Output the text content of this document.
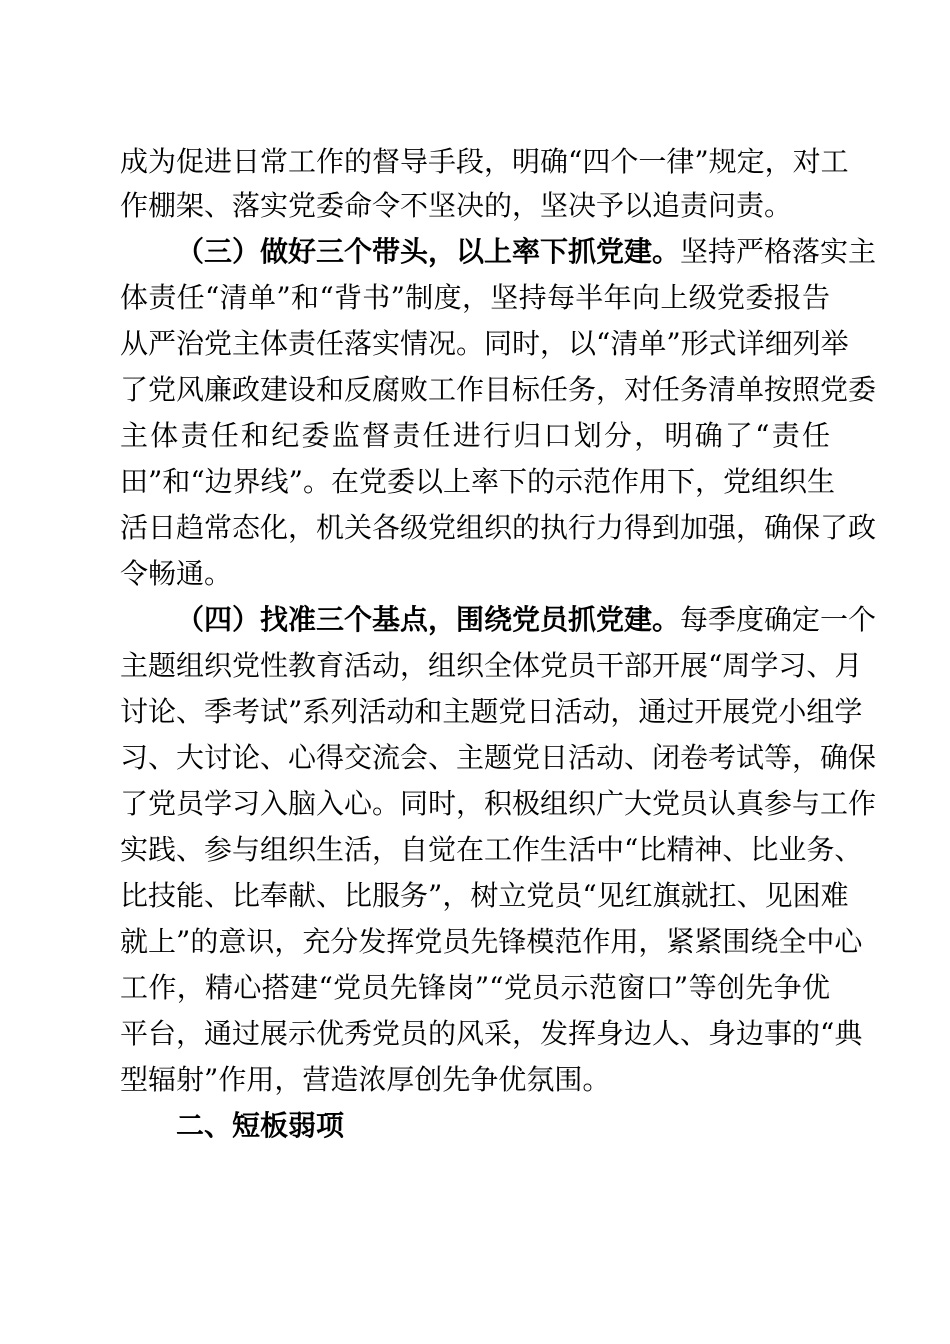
成为促进日常工作的督导手段，明确“四个一律”规定，对工
作棚架、落实党委命令不坚决的，坚决予以追责问责。
（三）做好三个带头，以上率下抓党建。坚持严格落实主
体责任“清单”和“背书”制度，坚持每半年向上级党委报告
从严治党主体责任落实情况。同时，以“清单”形式详细列举
了党风廉政建设和反腐败工作目标任务，对任务清单按照党委
主体责任和纪委监督责任进行归口划分，明确了“责任
田”和“边界线”。在党委以上率下的示范作用下，党组织生
活日趋常态化，机关各级党组织的执行力得到加强，确保了政
令畅通。
（四）找准三个基点，围绕党员抓党建。每季度确定一个
主题组织党性教育活动，组织全体党员干部开展“周学习、月
讨论、季考试”系列活动和主题党日活动，通过开展党小组学
习、大讨论、心得交流会、主题党日活动、闭卷考试等，确保
了党员学习入脑入心。同时，积极组织广大党员认真参与工作
实践、参与组织生活，自觉在工作生活中“比精神、比业务、
比技能、比奉献、比服务”，树立党员“见红旗就扛、见困难
就上”的意识，充分发挥党员先锋模范作用，紧紧围绕全中心
工作，精心搭建“党员先锋岗”“党员示范窗口”等创先争优
平台，通过展示优秀党员的风采，发挥身边人、身边事的“典
型辐射”作用，营造浓厚创先争优氛围。
二、短板弱项
